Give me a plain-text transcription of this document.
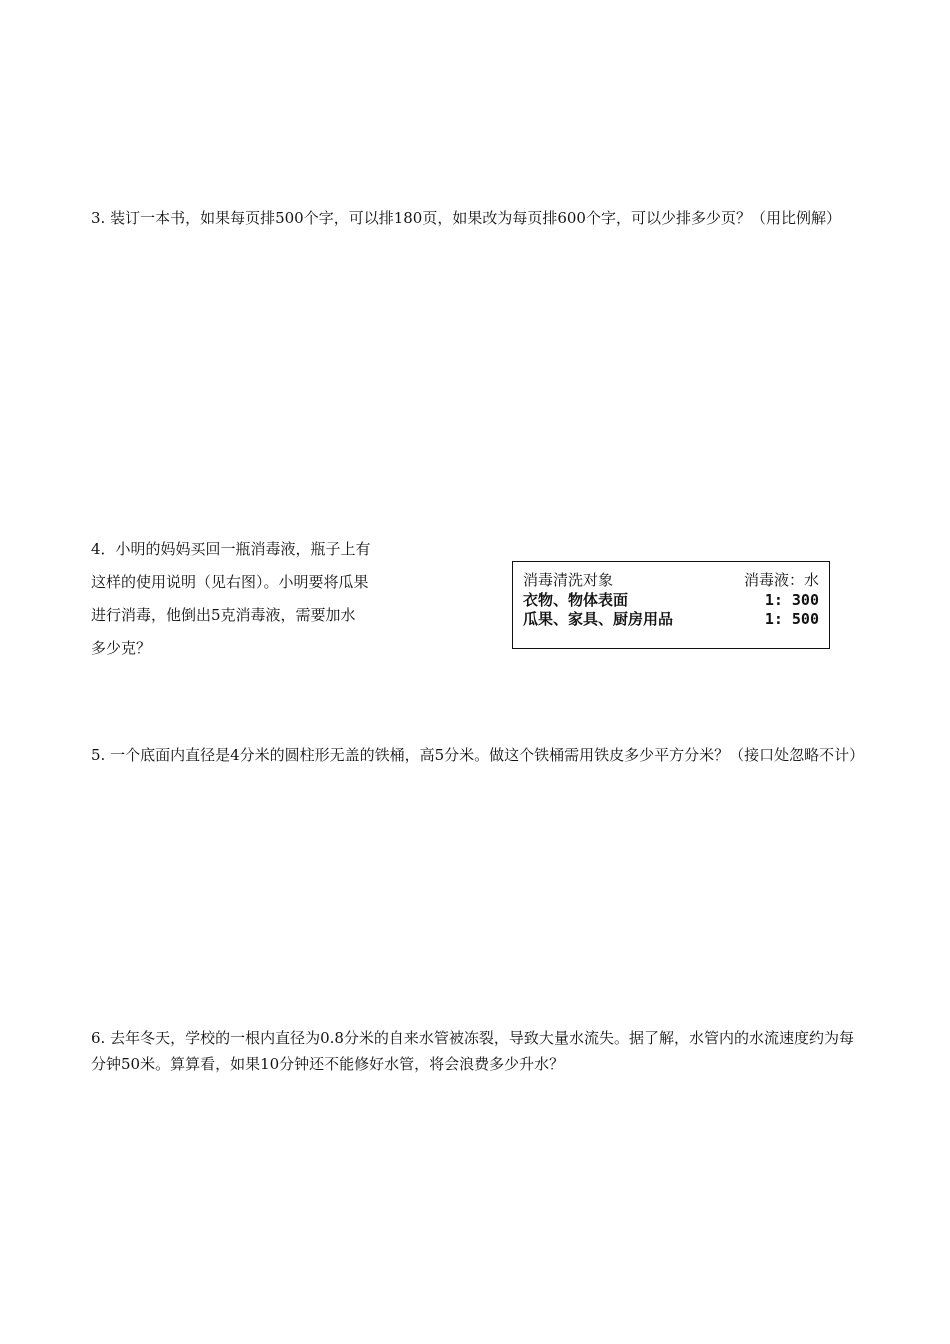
3. 装订一本书，如果每页排500个字，可以排180页，如果改为每页排600个字，可以少排多少页？（用比例解）
4．小明的妈妈买回一瓶消毒液，瓶子上有
这样的使用说明（见右图）。小明要将瓜果
进行消毒，他倒出5克消毒液，需要加水
多少克？
消毒清洗对象	消毒液：水
衣物、物体表面	1: 300
瓜果、家具、厨房用品	1: 500
5. 一个底面内直径是4分米的圆柱形无盖的铁桶，高5分米。做这个铁桶需用铁皮多少平方分米？（接口处忽略不计）
6. 去年冬天，学校的一根内直径为0.8分米的自来水管被冻裂，导致大量水流失。据了解，水管内的水流速度约为每分钟50米。算算看，如果10分钟还不能修好水管，将会浪费多少升水？
